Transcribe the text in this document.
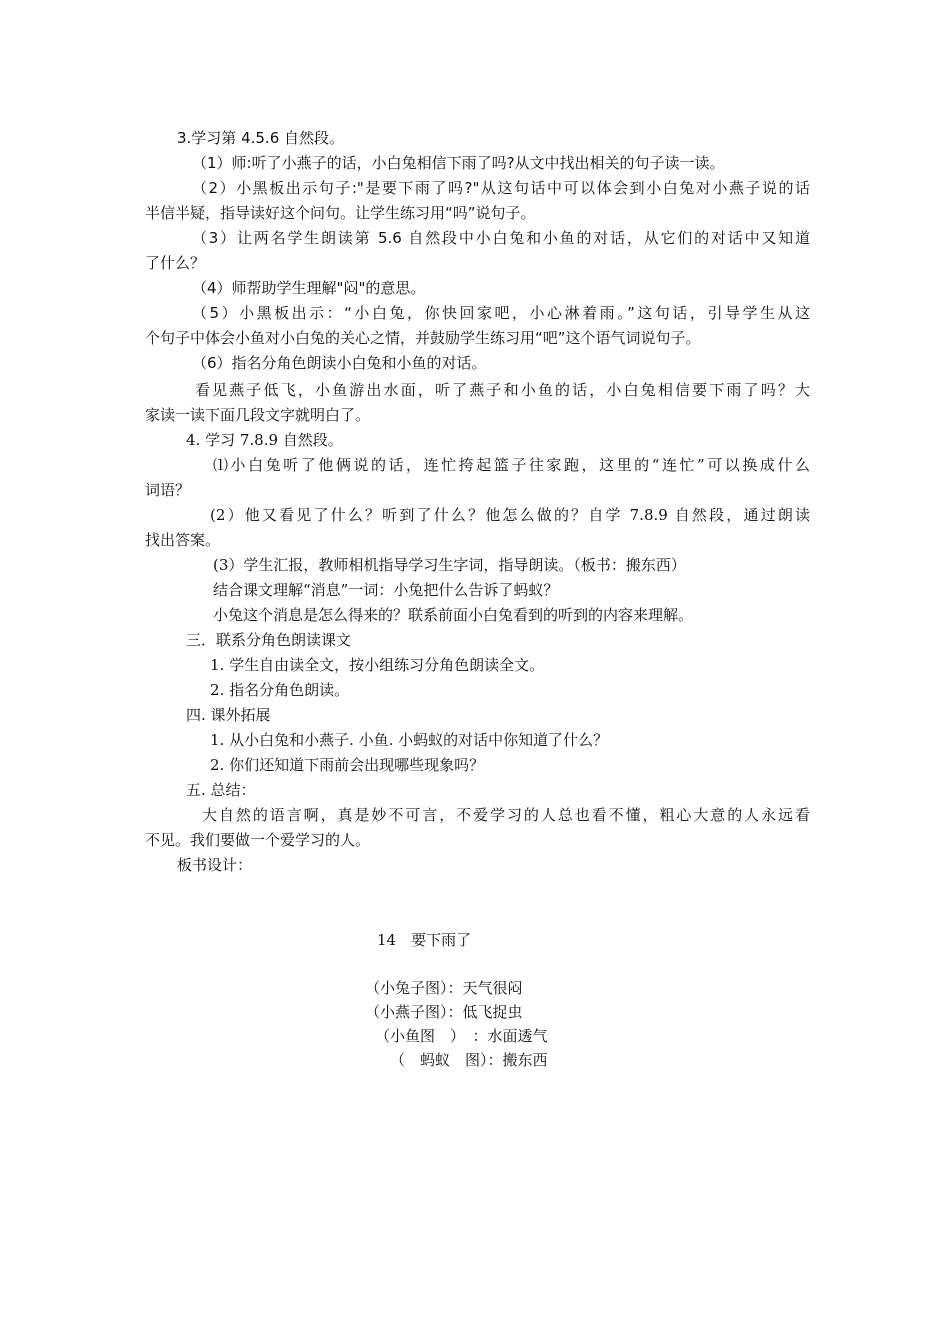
3.学习第 4.5.6 自然段。
（1）师:听了小燕子的话，小白兔相信下雨了吗?从文中找出相关的句子读一读。
（2）小黑板出示句子:"是要下雨了吗?"从这句话中可以体会到小白兔对小燕子说的话
半信半疑，指导读好这个问句。让学生练习用“吗”说句子。
（3）让两名学生朗读第 5.6 自然段中小白兔和小鱼的对话，从它们的对话中又知道
了什么？
（4）师帮助学生理解"闷"的意思。
（5）小黑板出示：“小白兔，你快回家吧，小心淋着雨。”这句话，引导学生从这
个句子中体会小鱼对小白兔的关心之情，并鼓励学生练习用“吧”这个语气词说句子。
（6）指名分角色朗读小白兔和小鱼的对话。
看见燕子低飞，小鱼游出水面，听了燕子和小鱼的话，小白兔相信要下雨了吗？大
家读一读下面几段文字就明白了。
4. 学习 7.8.9 自然段。
⑴小白兔听了他俩说的话，连忙挎起篮子往家跑，这里的“连忙”可以换成什么
词语？
(2）他又看见了什么？听到了什么？他怎么做的？自学 7.8.9 自然段，通过朗读
找出答案。
(3）学生汇报，教师相机指导学习生字词，指导朗读。（板书：搬东西）
结合课文理解“消息”一词：小兔把什么告诉了蚂蚁？
小兔这个消息是怎么得来的？联系前面小白兔看到的听到的内容来理解。
三．联系分角色朗读课文
1. 学生自由读全文，按小组练习分角色朗读全文。
2. 指名分角色朗读。
四. 课外拓展
1. 从小白兔和小燕子. 小鱼. 小蚂蚁的对话中你知道了什么？
2. 你们还知道下雨前会出现哪些现象吗？
五. 总结：
大自然的语言啊，真是妙不可言，不爱学习的人总也看不懂，粗心大意的人永远看
不见。我们要做一个爱学习的人。
板书设计：
14　要下雨了
（小兔子图）：天气很闷
（小燕子图）：低飞捉虫
（小鱼图　）　：水面透气
（　蚂蚁　图）：搬东西
